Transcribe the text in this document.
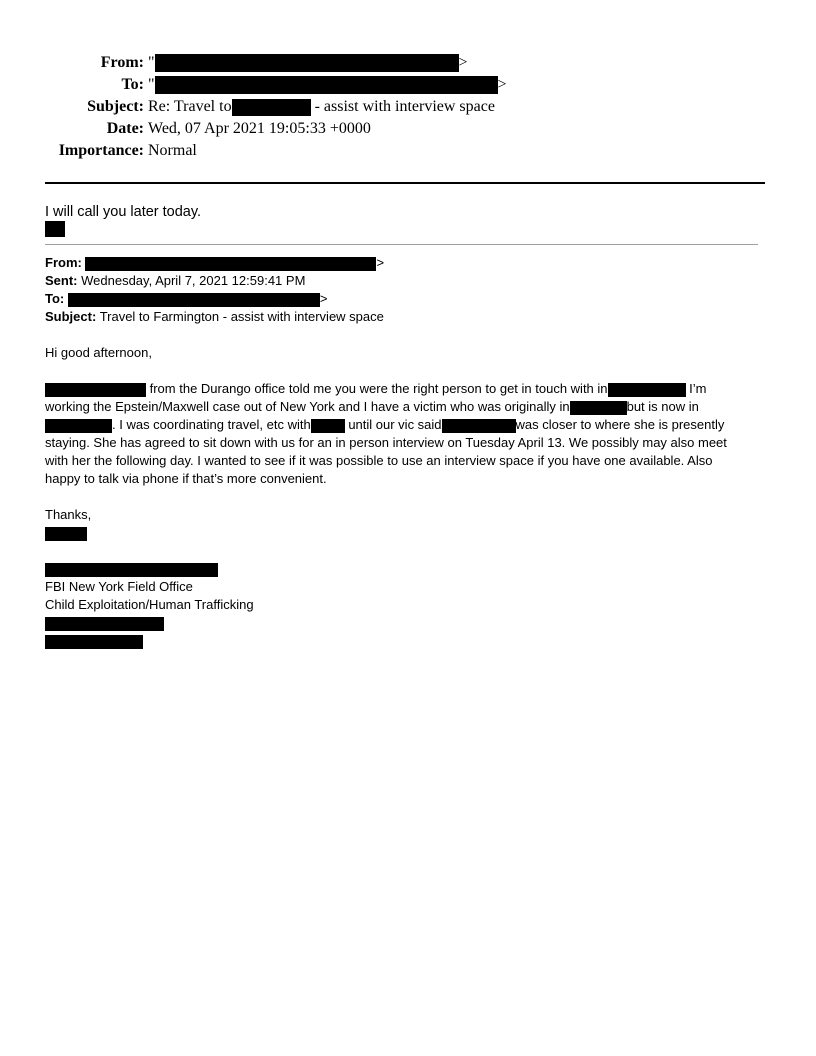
From: "	>
To: "	>
Subject: Re: Travel to	- assist with interview space
Date: Wed, 07 Apr 2021 19:05:33 +0000
Importance: Normal
I will call you later today.
From:	>
Sent: Wednesday, April 7, 2021 12:59:41 PM
To:	>
Subject: Travel to Farmington - assist with interview space
Hi good afternoon,
from the Durango office told me you were the right person to get in touch with in	I’m
working the Epstein/Maxwell case out of New York and I have a victim who was originally in	but is now in
. I was coordinating travel, etc with	until our vic said	was closer to where she is presently
staying. She has agreed to sit down with us for an in person interview on Tuesday April 13. We possibly may also meet
with her the following day. I wanted to see if it was possible to use an interview space if you have one available. Also
happy to talk via phone if that’s more convenient.
Thanks,
FBI New York Field Office
Child Exploitation/Human Trafficking
